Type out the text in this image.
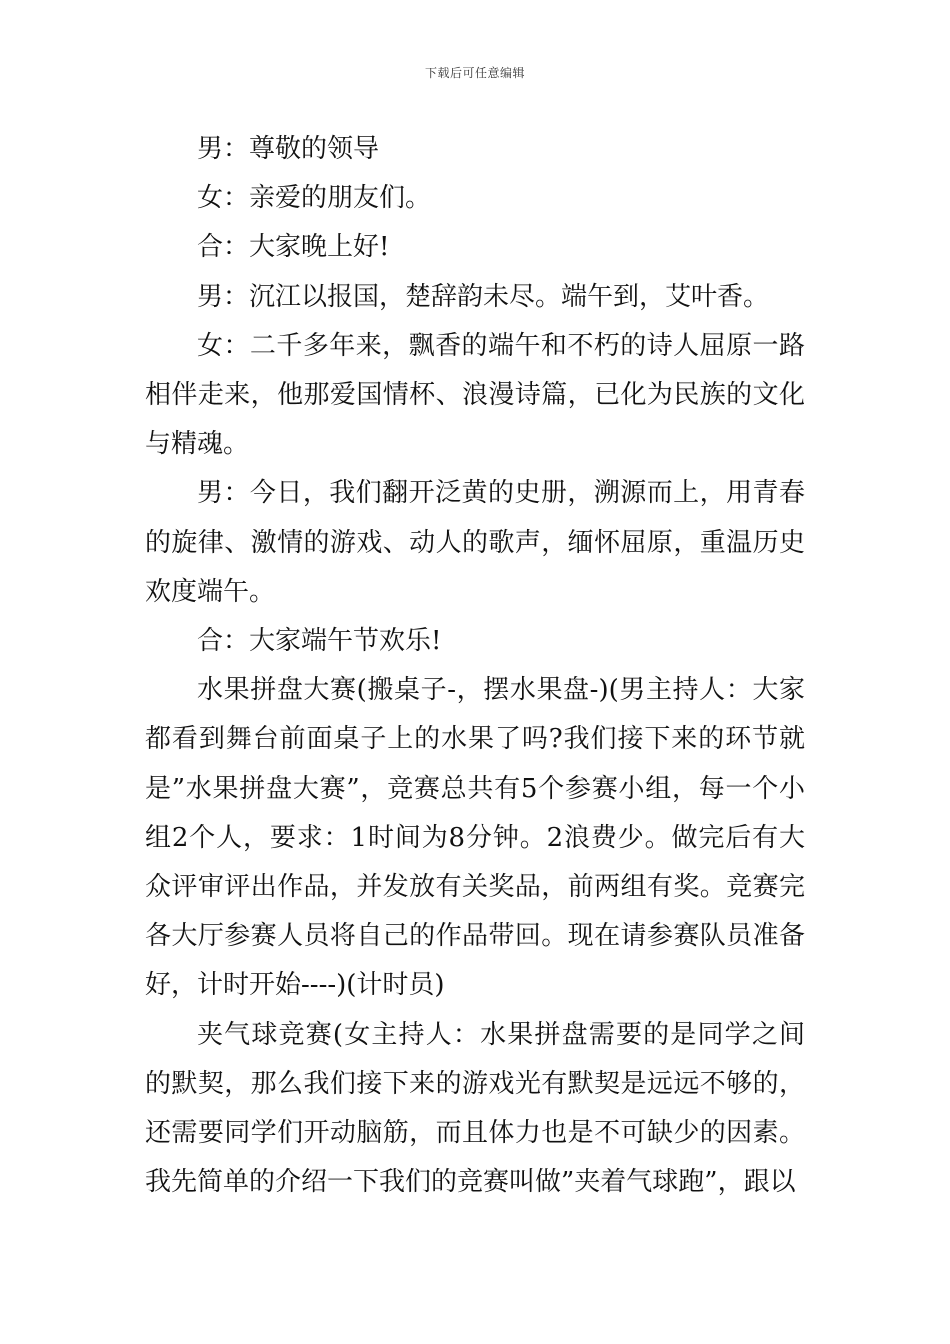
下载后可任意编辑

男：尊敬的领导

女：亲爱的朋友们。

合：大家晚上好!

男：沉江以报国，楚辞韵未尽。端午到，艾叶香。

女：二千多年来，飘香的端午和不朽的诗人屈原一路相伴走来，他那爱国情杯、浪漫诗篇，已化为民族的文化与精魂。

男：今日，我们翻开泛黄的史册，溯源而上，用青春的旋律、激情的游戏、动人的歌声，缅怀屈原，重温历史欢度端午。

合：大家端午节欢乐!

水果拼盘大赛(搬桌子-，摆水果盘-)(男主持人：大家都看到舞台前面桌子上的水果了吗?我们接下来的环节就是”水果拼盘大赛”，竞赛总共有5个参赛小组，每一个小组2个人，要求：1时间为8分钟。2浪费少。做完后有大众评审评出作品，并发放有关奖品，前两组有奖。竞赛完各大厅参赛人员将自己的作品带回。现在请参赛队员准备好，计时开始----)(计时员)

夹气球竞赛(女主持人：水果拼盘需要的是同学之间的默契，那么我们接下来的游戏光有默契是远远不够的，还需要同学们开动脑筋，而且体力也是不可缺少的因素。我先简单的介绍一下我们的竞赛叫做”夹着气球跑”，跟以
